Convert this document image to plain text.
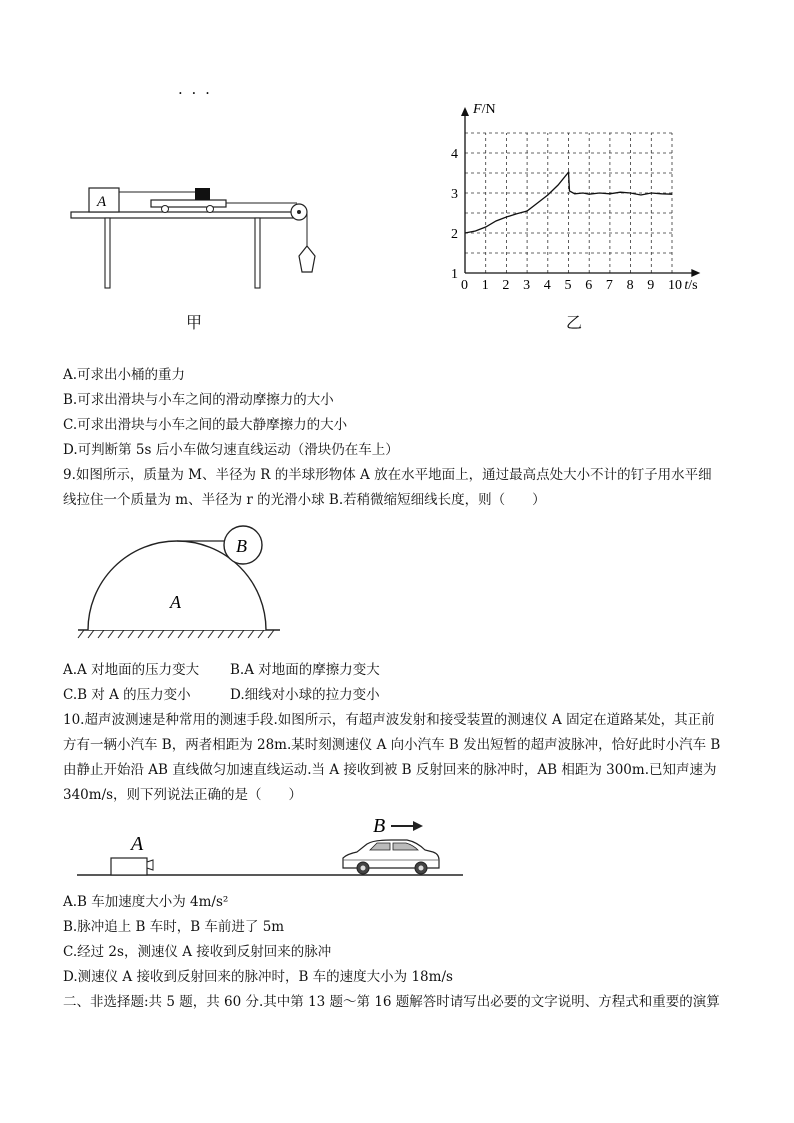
· · ·
A
甲
0 1 2 3 4 5 6 7 8 9 10
1
2
3
4
t/s
F/N
乙
A.可求出小桶的重力
B.可求出滑块与小车之间的滑动摩擦力的大小
C.可求出滑块与小车之间的最大静摩擦力的大小
D.可判断第 5s 后小车做匀速直线运动（滑块仍在车上）
9.如图所示，质量为 M、半径为 R 的半球形物体 A 放在水平地面上，通过最高点处大小不计的钉子用水平细
线拉住一个质量为 m、半径为 r 的光滑小球 B.若稍微缩短细线长度，则（　　）
A
B
A.A 对地面的压力变大 B.A 对地面的摩擦力变大
C.B 对 A 的压力变小	D.细线对小球的拉力变小
10.超声波测速是种常用的测速手段.如图所示，有超声波发射和接受装置的测速仪 A 固定在道路某处，其正前
方有一辆小汽车 B，两者相距为 28m.某时刻测速仪 A 向小汽车 B 发出短暂的超声波脉冲，恰好此时小汽车 B
由静止开始沿 AB 直线做匀加速直线运动.当 A 接收到被 B 反射回来的脉冲时，AB 相距为 300m.已知声速为
340m/s，则下列说法正确的是（　　）
A
B
A.B 车加速度大小为 4m/s²
B.脉冲追上 B 车时，B 车前进了 5m
C.经过 2s，测速仪 A 接收到反射回来的脉冲
D.测速仪 A 接收到反射回来的脉冲时，B 车的速度大小为 18m/s
二、非选择题:共 5 题，共 60 分.其中第 13 题～第 16 题解答时请写出必要的文字说明、方程式和重要的演算
